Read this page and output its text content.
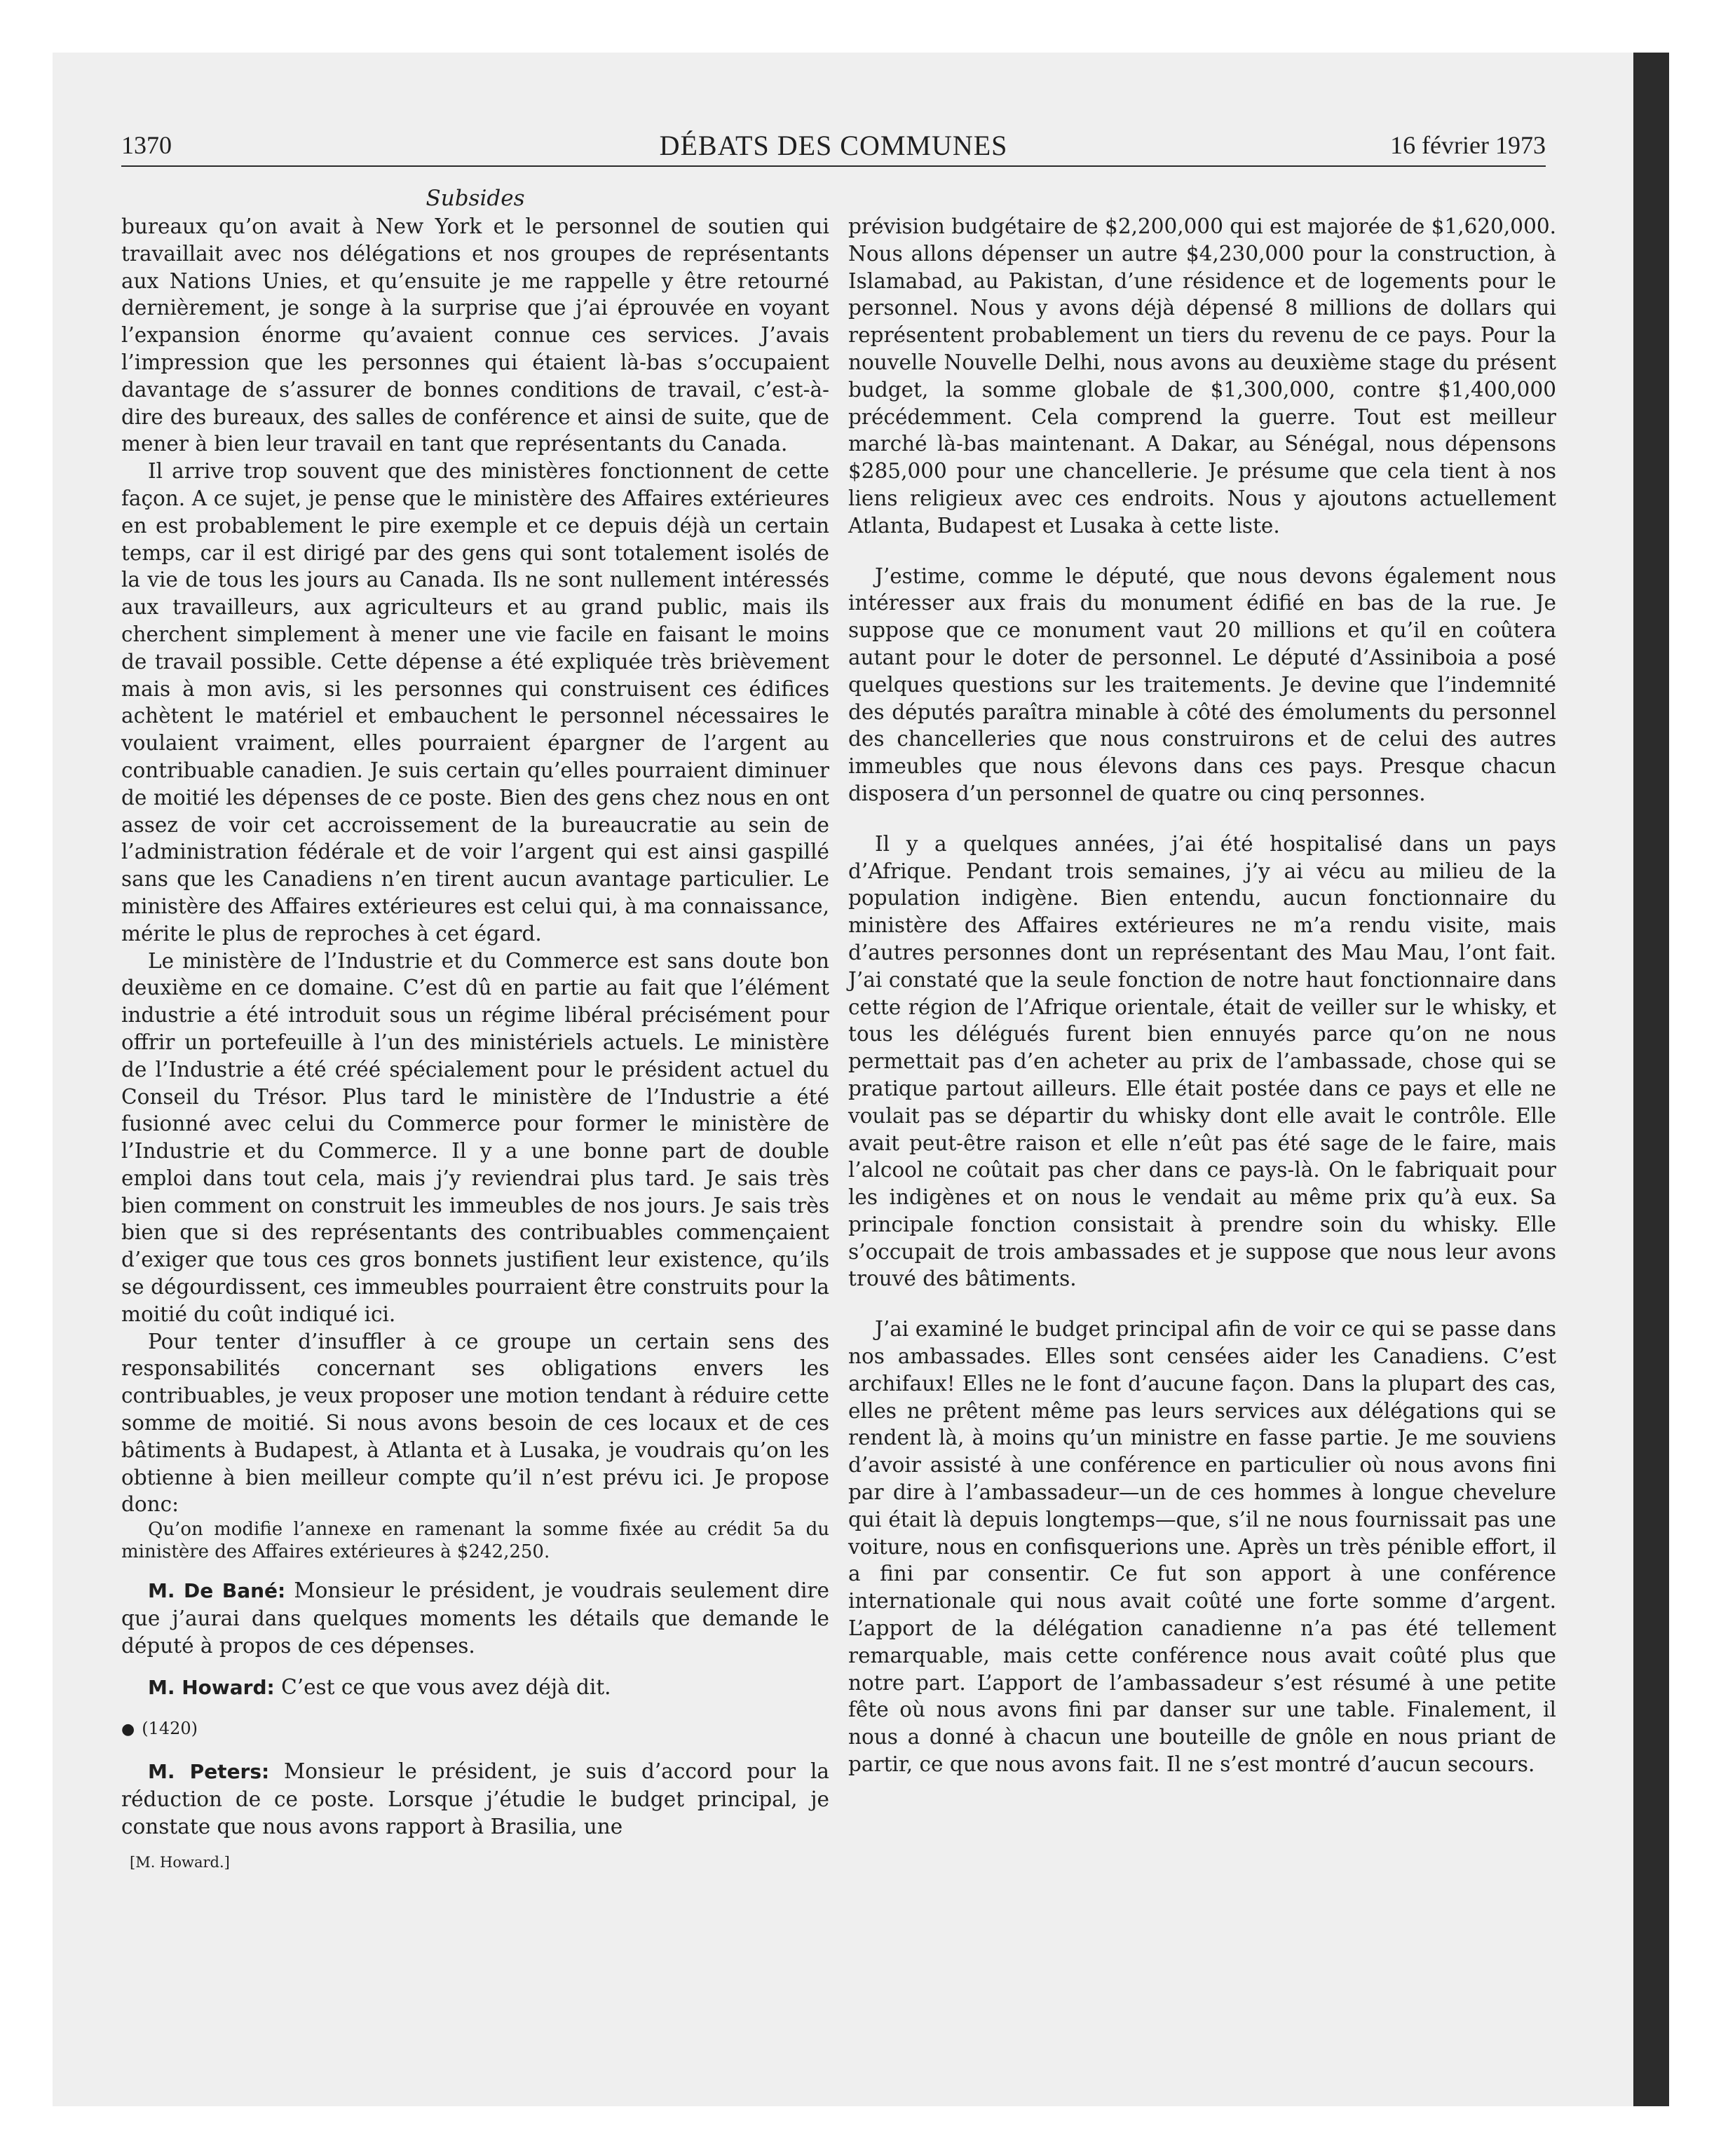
1370	DÉBATS DES COMMUNES	16 février 1973
Subsides

bureaux qu’on avait à New York et le personnel de soutien qui travaillait avec nos délégations et nos groupes de représentants aux Nations Unies, et qu’ensuite je me rappelle y être retourné dernièrement, je songe à la surprise que j’ai éprouvée en voyant l’expansion énorme qu’avaient connue ces services. J’avais l’impression que les personnes qui étaient là-bas s’occupaient davantage de s’assurer de bonnes conditions de travail, c’est-à-dire des bureaux, des salles de conférence et ainsi de suite, que de mener à bien leur travail en tant que représentants du Canada.

Il arrive trop souvent que des ministères fonctionnent de cette façon. A ce sujet, je pense que le ministère des Affaires extérieures en est probablement le pire exemple et ce depuis déjà un certain temps, car il est dirigé par des gens qui sont totalement isolés de la vie de tous les jours au Canada. Ils ne sont nullement intéressés aux travailleurs, aux agriculteurs et au grand public, mais ils cherchent simplement à mener une vie facile en faisant le moins de travail possible. Cette dépense a été expliquée très brièvement mais à mon avis, si les personnes qui construisent ces édifices achètent le matériel et embauchent le personnel nécessaires le voulaient vraiment, elles pourraient épargner de l’argent au contribuable canadien. Je suis certain qu’elles pourraient diminuer de moitié les dépenses de ce poste. Bien des gens chez nous en ont assez de voir cet accroissement de la bureaucratie au sein de l’administration fédérale et de voir l’argent qui est ainsi gaspillé sans que les Canadiens n’en tirent aucun avantage particulier. Le ministère des Affaires extérieures est celui qui, à ma connaissance, mérite le plus de reproches à cet égard.

Le ministère de l’Industrie et du Commerce est sans doute bon deuxième en ce domaine. C’est dû en partie au fait que l’élément industrie a été introduit sous un régime libéral précisément pour offrir un portefeuille à l’un des ministériels actuels. Le ministère de l’Industrie a été créé spécialement pour le président actuel du Conseil du Trésor. Plus tard le ministère de l’Industrie a été fusionné avec celui du Commerce pour former le ministère de l’Industrie et du Commerce. Il y a une bonne part de double emploi dans tout cela, mais j’y reviendrai plus tard. Je sais très bien comment on construit les immeubles de nos jours. Je sais très bien que si des représentants des contribuables commençaient d’exiger que tous ces gros bonnets justifient leur existence, qu’ils se dégourdissent, ces immeubles pourraient être construits pour la moitié du coût indiqué ici.

Pour tenter d’insuffler à ce groupe un certain sens des responsabilités concernant ses obligations envers les contribuables, je veux proposer une motion tendant à réduire cette somme de moitié. Si nous avons besoin de ces locaux et de ces bâtiments à Budapest, à Atlanta et à Lusaka, je voudrais qu’on les obtienne à bien meilleur compte qu’il n’est prévu ici. Je propose donc:

Qu’on modifie l’annexe en ramenant la somme fixée au crédit 5a du ministère des Affaires extérieures à $242,250.

M. De Bané: Monsieur le président, je voudrais seulement dire que j’aurai dans quelques moments les détails que demande le député à propos de ces dépenses.

M. Howard: C’est ce que vous avez déjà dit.

● (1420)

M. Peters: Monsieur le président, je suis d’accord pour la réduction de ce poste. Lorsque j’étudie le budget principal, je constate que nous avons rapport à Brasilia, une

[M. Howard.]

prévision budgétaire de $2,200,000 qui est majorée de $1,620,000. Nous allons dépenser un autre $4,230,000 pour la construction, à Islamabad, au Pakistan, d’une résidence et de logements pour le personnel. Nous y avons déjà dépensé 8 millions de dollars qui représentent probablement un tiers du revenu de ce pays. Pour la nouvelle Nouvelle Delhi, nous avons au deuxième stage du présent budget, la somme globale de $1,300,000, contre $1,400,000 précédemment. Cela comprend la guerre. Tout est meilleur marché là-bas maintenant. A Dakar, au Sénégal, nous dépensons $285,000 pour une chancellerie. Je présume que cela tient à nos liens religieux avec ces endroits. Nous y ajoutons actuellement Atlanta, Budapest et Lusaka à cette liste.

J’estime, comme le député, que nous devons également nous intéresser aux frais du monument édifié en bas de la rue. Je suppose que ce monument vaut 20 millions et qu’il en coûtera autant pour le doter de personnel. Le député d’Assiniboia a posé quelques questions sur les traitements. Je devine que l’indemnité des députés paraîtra minable à côté des émoluments du personnel des chancelleries que nous construirons et de celui des autres immeubles que nous élevons dans ces pays. Presque chacun disposera d’un personnel de quatre ou cinq personnes.

Il y a quelques années, j’ai été hospitalisé dans un pays d’Afrique. Pendant trois semaines, j’y ai vécu au milieu de la population indigène. Bien entendu, aucun fonctionnaire du ministère des Affaires extérieures ne m’a rendu visite, mais d’autres personnes dont un représentant des Mau Mau, l’ont fait. J’ai constaté que la seule fonction de notre haut fonctionnaire dans cette région de l’Afrique orientale, était de veiller sur le whisky, et tous les délégués furent bien ennuyés parce qu’on ne nous permettait pas d’en acheter au prix de l’ambassade, chose qui se pratique partout ailleurs. Elle était postée dans ce pays et elle ne voulait pas se départir du whisky dont elle avait le contrôle. Elle avait peut-être raison et elle n’eût pas été sage de le faire, mais l’alcool ne coûtait pas cher dans ce pays-là. On le fabriquait pour les indigènes et on nous le vendait au même prix qu’à eux. Sa principale fonction consistait à prendre soin du whisky. Elle s’occupait de trois ambassades et je suppose que nous leur avons trouvé des bâtiments.

J’ai examiné le budget principal afin de voir ce qui se passe dans nos ambassades. Elles sont censées aider les Canadiens. C’est archifaux! Elles ne le font d’aucune façon. Dans la plupart des cas, elles ne prêtent même pas leurs services aux délégations qui se rendent là, à moins qu’un ministre en fasse partie. Je me souviens d’avoir assisté à une conférence en particulier où nous avons fini par dire à l’ambassadeur—un de ces hommes à longue chevelure qui était là depuis longtemps—que, s’il ne nous fournissait pas une voiture, nous en confisquerions une. Après un très pénible effort, il a fini par consentir. Ce fut son apport à une conférence internationale qui nous avait coûté une forte somme d’argent. L’apport de la délégation canadienne n’a pas été tellement remarquable, mais cette conférence nous avait coûté plus que notre part. L’apport de l’ambassadeur s’est résumé à une petite fête où nous avons fini par danser sur une table. Finalement, il nous a donné à chacun une bouteille de gnôle en nous priant de partir, ce que nous avons fait. Il ne s’est montré d’aucun secours.
